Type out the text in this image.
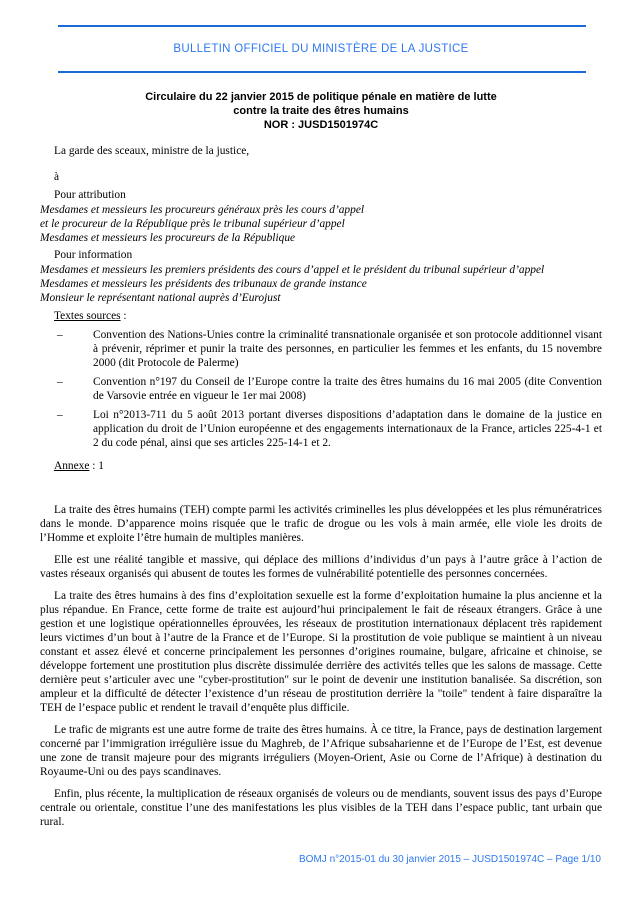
BULLETIN OFFICIEL DU MINISTÈRE DE LA JUSTICE
Circulaire du 22 janvier 2015 de politique pénale en matière de lutte
contre la traite des êtres humains
NOR : JUSD1501974C

La garde des sceaux, ministre de la justice,

à

Pour attribution

Mesdames et messieurs les procureurs généraux près les cours d’appel
et le procureur de la République près le tribunal supérieur d’appel
Mesdames et messieurs les procureurs de la République

Pour information

Mesdames et messieurs les premiers présidents des cours d’appel et le président du tribunal supérieur d’appel
Mesdames et messieurs les présidents des tribunaux de grande instance
Monsieur le représentant national auprès d’Eurojust

Textes sources :

–	Convention des Nations-Unies contre la criminalité transnationale organisée et son protocole additionnel visant à prévenir, réprimer et punir la traite des personnes, en particulier les femmes et les enfants, du 15 novembre 2000 (dit Protocole de Palerme)
–	Convention n°197 du Conseil de l’Europe contre la traite des êtres humains du 16 mai 2005 (dite Convention de Varsovie entrée en vigueur le 1er mai 2008)
–	Loi n°2013-711 du 5 août 2013 portant diverses dispositions d’adaptation dans le domaine de la justice en application du droit de l’Union européenne et des engagements internationaux de la France, articles 225-4-1 et 2 du code pénal, ainsi que ses articles 225-14-1 et 2.

Annexe : 1

La traite des êtres humains (TEH) compte parmi les activités criminelles les plus développées et les plus rémunératrices dans le monde. D’apparence moins risquée que le trafic de drogue ou les vols à main armée, elle viole les droits de l’Homme et exploite l’être humain de multiples manières.

Elle est une réalité tangible et massive, qui déplace des millions d’individus d’un pays à l’autre grâce à l’action de vastes réseaux organisés qui abusent de toutes les formes de vulnérabilité potentielle des personnes concernées.

La traite des êtres humains à des fins d’exploitation sexuelle est la forme d’exploitation humaine la plus ancienne et la plus répandue. En France, cette forme de traite est aujourd’hui principalement le fait de réseaux étrangers. Grâce à une gestion et une logistique opérationnelles éprouvées, les réseaux de prostitution internationaux déplacent très rapidement leurs victimes d’un bout à l’autre de la France et de l’Europe. Si la prostitution de voie publique se maintient à un niveau constant et assez élevé et concerne principalement les personnes d’origines roumaine, bulgare, africaine et chinoise, se développe fortement une prostitution plus discrète dissimulée derrière des activités telles que les salons de massage. Cette dernière peut s’articuler avec une "cyber-prostitution" sur le point de devenir une institution banalisée. Sa discrétion, son ampleur et la difficulté de détecter l’existence d’un réseau de prostitution derrière la "toile" tendent à faire disparaître la TEH de l’espace public et rendent le travail d’enquête plus difficile.

Le trafic de migrants est une autre forme de traite des êtres humains. À ce titre, la France, pays de destination largement concerné par l’immigration irrégulière issue du Maghreb, de l’Afrique subsaharienne et de l’Europe de l’Est, est devenue une zone de transit majeure pour des migrants irréguliers (Moyen-Orient, Asie ou Corne de l’Afrique) à destination du Royaume-Uni ou des pays scandinaves.

Enfin, plus récente, la multiplication de réseaux organisés de voleurs ou de mendiants, souvent issus des pays d’Europe centrale ou orientale, constitue l’une des manifestations les plus visibles de la TEH dans l’espace public, tant urbain que rural.

BOMJ n°2015-01 du 30 janvier 2015 – JUSD1501974C – Page 1/10
